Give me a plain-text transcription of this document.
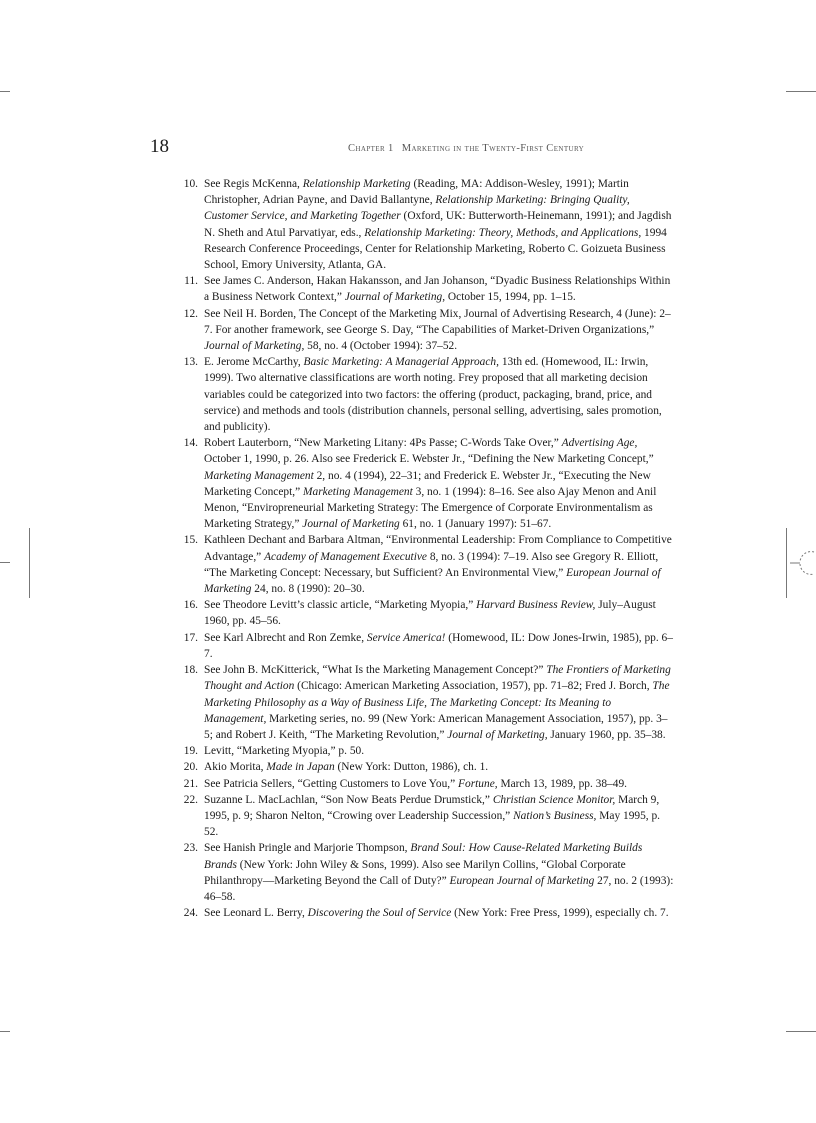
18	Chapter 1 Marketing in the Twenty-First Century
10. See Regis McKenna, Relationship Marketing (Reading, MA: Addison-Wesley, 1991); Martin Christopher, Adrian Payne, and David Ballantyne, Relationship Marketing: Bringing Quality, Customer Service, and Marketing Together (Oxford, UK: Butterworth-Heinemann, 1991); and Jagdish N. Sheth and Atul Parvatiyar, eds., Relationship Marketing: Theory, Methods, and Applications, 1994 Research Conference Proceedings, Center for Relationship Marketing, Roberto C. Goizueta Business School, Emory University, Atlanta, GA.
11. See James C. Anderson, Hakan Hakansson, and Jan Johanson, “Dyadic Business Relationships Within a Business Network Context,” Journal of Marketing, October 15, 1994, pp. 1–15.
12. See Neil H. Borden, The Concept of the Marketing Mix, Journal of Advertising Research, 4 (June): 2–7. For another framework, see George S. Day, “The Capabilities of Market-Driven Organizations,” Journal of Marketing, 58, no. 4 (October 1994): 37–52.
13. E. Jerome McCarthy, Basic Marketing: A Managerial Approach, 13th ed. (Homewood, IL: Irwin, 1999). Two alternative classifications are worth noting. Frey proposed that all marketing decision variables could be categorized into two factors: the offering (product, packaging, brand, price, and service) and methods and tools (distribution channels, personal selling, advertising, sales promotion, and publicity).
14. Robert Lauterborn, “New Marketing Litany: 4Ps Passe; C-Words Take Over,” Advertising Age, October 1, 1990, p. 26. Also see Frederick E. Webster Jr., “Defining the New Marketing Concept,” Marketing Management 2, no. 4 (1994), 22–31; and Frederick E. Webster Jr., “Executing the New Marketing Concept,” Marketing Management 3, no. 1 (1994): 8–16. See also Ajay Menon and Anil Menon, “Enviropreneurial Marketing Strategy: The Emergence of Corporate Environmentalism as Marketing Strategy,” Journal of Marketing 61, no. 1 (January 1997): 51–67.
15. Kathleen Dechant and Barbara Altman, “Environmental Leadership: From Compliance to Competitive Advantage,” Academy of Management Executive 8, no. 3 (1994): 7–19. Also see Gregory R. Elliott, “The Marketing Concept: Necessary, but Sufficient? An Environmental View,” European Journal of Marketing 24, no. 8 (1990): 20–30.
16. See Theodore Levitt’s classic article, “Marketing Myopia,” Harvard Business Review, July–August 1960, pp. 45–56.
17. See Karl Albrecht and Ron Zemke, Service America! (Homewood, IL: Dow Jones-Irwin, 1985), pp. 6–7.
18. See John B. McKitterick, “What Is the Marketing Management Concept?” The Frontiers of Marketing Thought and Action (Chicago: American Marketing Association, 1957), pp. 71–82; Fred J. Borch, The Marketing Philosophy as a Way of Business Life, The Marketing Concept: Its Meaning to Management, Marketing series, no. 99 (New York: American Management Association, 1957), pp. 3–5; and Robert J. Keith, “The Marketing Revolution,” Journal of Marketing, January 1960, pp. 35–38.
19. Levitt, “Marketing Myopia,” p. 50.
20. Akio Morita, Made in Japan (New York: Dutton, 1986), ch. 1.
21. See Patricia Sellers, “Getting Customers to Love You,” Fortune, March 13, 1989, pp. 38–49.
22. Suzanne L. MacLachlan, “Son Now Beats Perdue Drumstick,” Christian Science Monitor, March 9, 1995, p. 9; Sharon Nelton, “Crowing over Leadership Succession,” Nation’s Business, May 1995, p. 52.
23. See Hanish Pringle and Marjorie Thompson, Brand Soul: How Cause-Related Marketing Builds Brands (New York: John Wiley & Sons, 1999). Also see Marilyn Collins, “Global Corporate Philanthropy—Marketing Beyond the Call of Duty?” European Journal of Marketing 27, no. 2 (1993): 46–58.
24. See Leonard L. Berry, Discovering the Soul of Service (New York: Free Press, 1999), especially ch. 7.
